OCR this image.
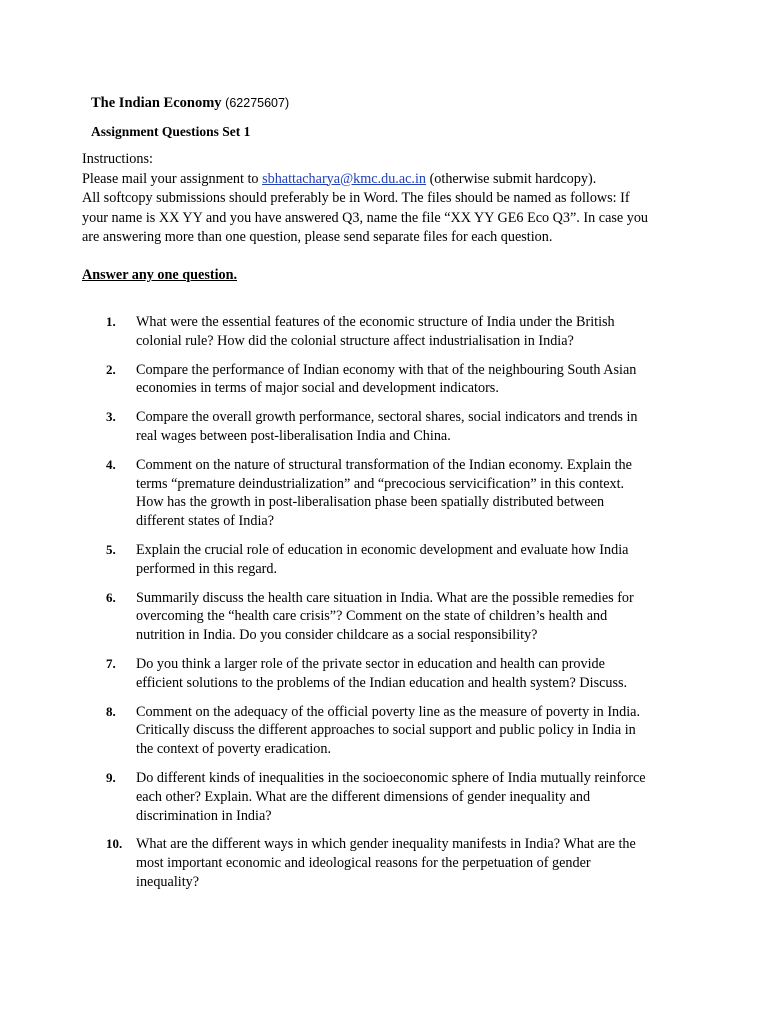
The Indian Economy (62275607)
Assignment Questions Set 1
Instructions:
Please mail your assignment to sbhattacharya@kmc.du.ac.in (otherwise submit hardcopy).
All softcopy submissions should preferably be in Word. The files should be named as follows: If
your name is XX YY and you have answered Q3, name the file “XX YY GE6 Eco Q3”. In case you
are answering more than one question, please send separate files for each question.
Answer any one question.
1. What were the essential features of the economic structure of India under the British
colonial rule? How did the colonial structure affect industrialisation in India?
2. Compare the performance of Indian economy with that of the neighbouring South Asian
economies in terms of major social and development indicators.
3. Compare the overall growth performance, sectoral shares, social indicators and trends in
real wages between post-liberalisation India and China.
4. Comment on the nature of structural transformation of the Indian economy. Explain the
terms “premature deindustrialization” and “precocious servicification” in this context.
How has the growth in post-liberalisation phase been spatially distributed between
different states of India?
5. Explain the crucial role of education in economic development and evaluate how India
performed in this regard.
6. Summarily discuss the health care situation in India. What are the possible remedies for
overcoming the “health care crisis”? Comment on the state of children’s health and
nutrition in India. Do you consider childcare as a social responsibility?
7. Do you think a larger role of the private sector in education and health can provide
efficient solutions to the problems of the Indian education and health system? Discuss.
8. Comment on the adequacy of the official poverty line as the measure of poverty in India.
Critically discuss the different approaches to social support and public policy in India in
the context of poverty eradication.
9. Do different kinds of inequalities in the socioeconomic sphere of India mutually reinforce
each other? Explain. What are the different dimensions of gender inequality and
discrimination in India?
10. What are the different ways in which gender inequality manifests in India? What are the
most important economic and ideological reasons for the perpetuation of gender
inequality?
